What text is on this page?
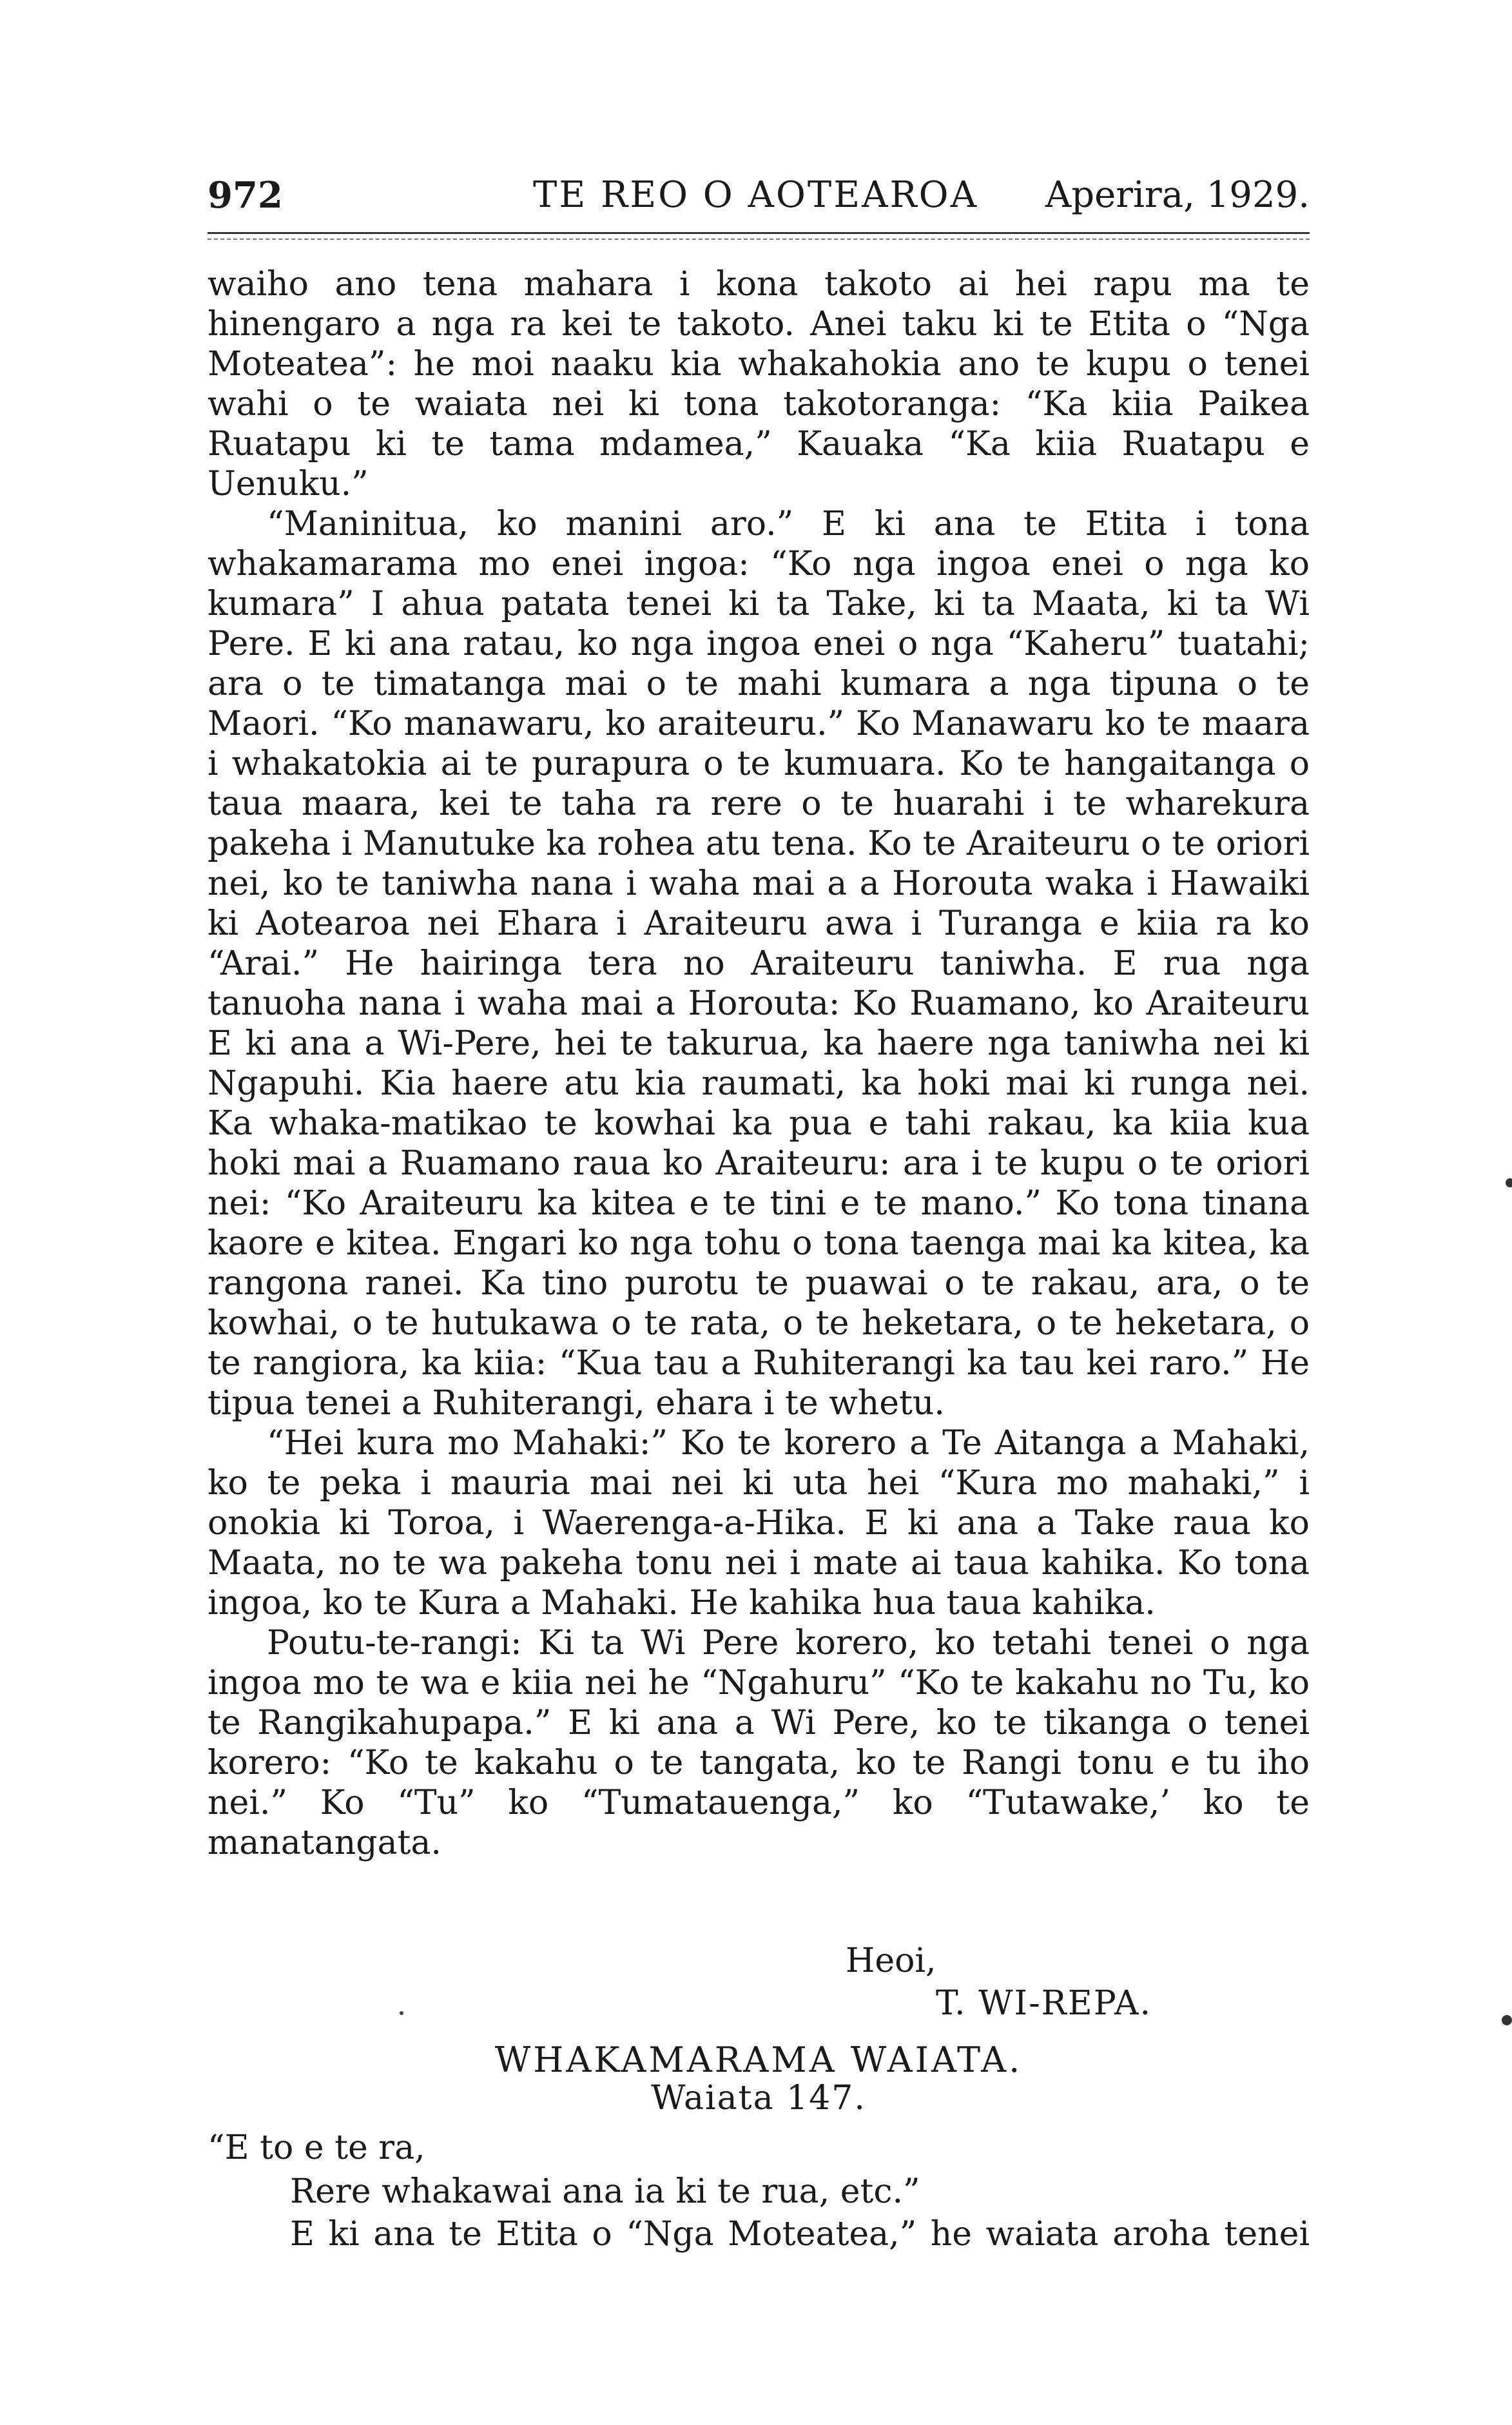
972	TE REO O AOTEAROA Aperira, 1929.

waiho ano tena mahara i kona takoto ai hei rapu ma te hinengaro a nga ra kei te takoto. Anei taku ki te Etita o “Nga Moteatea”: he moi naaku kia whakahokia ano te kupu o tenei wahi o te waiata nei ki tona takotoranga: “Ka kiia Paikea Ruatapu ki te tama mdamea,” Kauaka “Ka kiia Ruatapu e Uenuku.”

“Maninitua, ko manini aro.” E ki ana te Etita i tona whakamarama mo enei ingoa: “Ko nga ingoa enei o nga ko kumara” I ahua patata tenei ki ta Take, ki ta Maata, ki ta Wi Pere. E ki ana ratau, ko nga ingoa enei o nga “Kaheru” tuatahi; ara o te timatanga mai o te mahi kumara a nga tipuna o te Maori. “Ko manawaru, ko araiteuru.” Ko Manawaru ko te maara i whakatokia ai te purapura o te kumuara. Ko te hangaitanga o taua maara, kei te taha ra rere o te huarahi i te wharekura pakeha i Manutuke ka rohea atu tena. Ko te Araiteuru o te oriori nei, ko te taniwha nana i waha mai a a Horouta waka i Hawaiki ki Aotearoa nei Ehara i Araiteuru awa i Turanga e kiia ra ko “Arai.” He hairinga tera no Araiteuru taniwha. E rua nga tanuoha nana i waha mai a Horouta: Ko Ruamano, ko Araiteuru E ki ana a Wi-Pere, hei te takurua, ka haere nga taniwha nei ki Ngapuhi. Kia haere atu kia raumati, ka hoki mai ki runga nei. Ka whaka-matikao te kowhai ka pua e tahi rakau, ka kiia kua hoki mai a Ruamano raua ko Araiteuru: ara i te kupu o te oriori nei: “Ko Araiteuru ka kitea e te tini e te mano.” Ko tona tinana kaore e kitea. Engari ko nga tohu o tona taenga mai ka kitea, ka rangona ranei. Ka tino purotu te puawai o te rakau, ara, o te kowhai, o te hutukawa o te rata, o te heketara, o te heketara, o te rangiora, ka kiia: “Kua tau a Ruhiterangi ka tau kei raro.” He tipua tenei a Ruhiterangi, ehara i te whetu.

“Hei kura mo Mahaki:” Ko te korero a Te Aitanga a Mahaki, ko te peka i mauria mai nei ki uta hei “Kura mo mahaki,” i onokia ki Toroa, i Waerenga-a-Hika. E ki ana a Take raua ko Maata, no te wa pakeha tonu nei i mate ai taua kahika. Ko tona ingoa, ko te Kura a Mahaki. He kahika hua taua kahika.

Poutu-te-rangi: Ki ta Wi Pere korero, ko tetahi tenei o nga ingoa mo te wa e kiia nei he “Ngahuru” “Ko te kakahu no Tu, ko te Rangikahupapa.” E ki ana a Wi Pere, ko te tikanga o tenei korero: “Ko te kakahu o te tangata, ko te Rangi tonu e tu iho nei.” Ko “Tu” ko “Tumatauenga,” ko “Tutawake,’ ko te manatangata.

Heoi,
T. WI-REPA.
WHAKAMARAMA WAIATA.
Waiata 147.
“E to e te ra,
Rere whakawai ana ia ki te rua, etc.”
E ki ana te Etita o “Nga Moteatea,” he waiata aroha tenei
